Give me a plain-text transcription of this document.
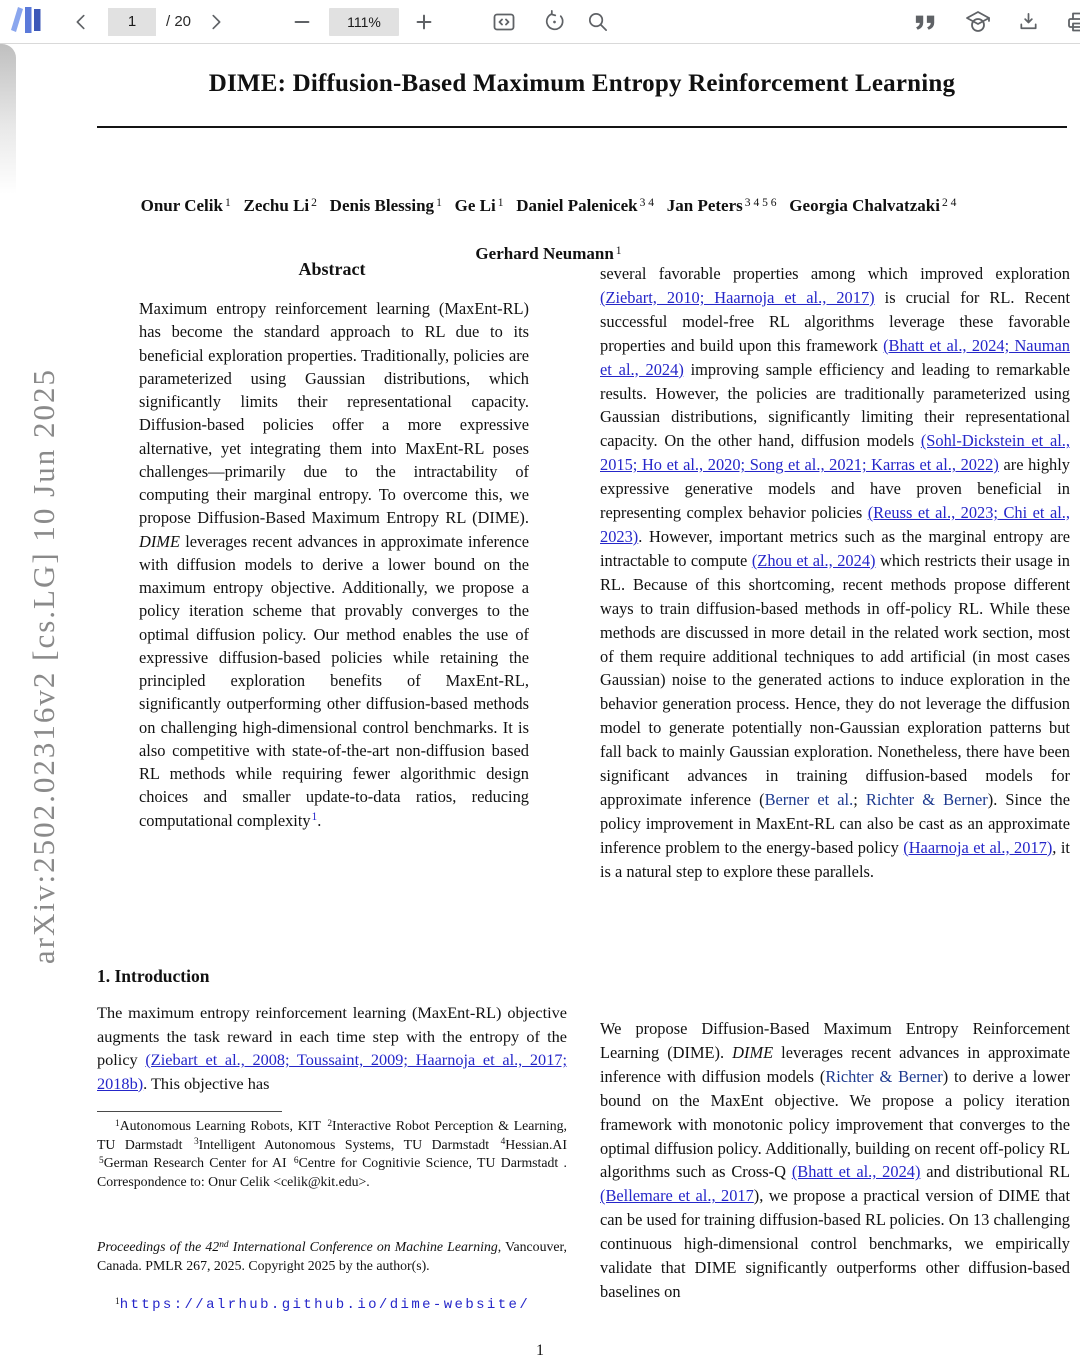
1
/ 20	111%
arXiv:2502.02316v2 [cs.LG] 10 Jun 2025
DIME: Diffusion-Based Maximum Entropy Reinforcement Learning

Onur Celik $^1$ Zechu Li $^2$ Denis Blessing $^1$ Ge Li $^1$ Daniel Palenicek $^{3 4}$ Jan Peters $^{3 4 5 6}$ Georgia Chalvatzaki $^{2 4}$

Gerhard Neumann $^1$

Abstract

Maximum entropy reinforcement learning (MaxEnt-RL) has become the standard approach to RL due to its beneficial exploration properties. Traditionally, policies are parameterized using Gaussian distributions, which significantly limits their representational capacity. Diffusion-based policies offer a more expressive alternative, yet integrating them into MaxEnt-RL poses challenges—primarily due to the intractability of computing their marginal entropy. To overcome this, we propose Diffusion-Based Maximum Entropy RL (DIME). DIME leverages recent advances in approximate inference with diffusion models to derive a lower bound on the maximum entropy objective. Additionally, we propose a policy iteration scheme that provably converges to the optimal diffusion policy. Our method enables the use of expressive diffusion-based policies while retaining the principled exploration benefits of MaxEnt-RL, significantly outperforming other diffusion-based methods on challenging high-dimensional control benchmarks. It is also competitive with state-of-the-art non-diffusion based RL methods while requiring fewer algorithmic design choices and smaller update-to-data ratios, reducing computational complexity$^1$.

1. Introduction

The maximum entropy reinforcement learning (MaxEnt-RL) objective augments the task reward in each time step with the entropy of the policy (Ziebart et al., 2008; Toussaint, 2009; Haarnoja et al., 2017; 2018b). This objective has

$^1$Autonomous Learning Robots, KIT $^2$Interactive Robot Perception & Learning, TU Darmstadt $^3$Intelligent Autonomous Systems, TU Darmstadt $^4$Hessian.AI $^5$German Research Center for AI $^6$Centre for Cognitivie Science, TU Darmstadt . Correspondence to: Onur Celik <celik@kit.edu>.

Proceedings of the 42nd International Conference on Machine Learning, Vancouver, Canada. PMLR 267, 2025. Copyright 2025 by the author(s).

$^1$https://alrhub.github.io/dime-website/

several favorable properties among which improved exploration (Ziebart, 2010; Haarnoja et al., 2017) is crucial for RL. Recent successful model-free RL algorithms leverage these favorable properties and build upon this framework (Bhatt et al., 2024; Nauman et al., 2024) improving sample efficiency and leading to remarkable results. However, the policies are traditionally parameterized using Gaussian distributions, significantly limiting their representational capacity. On the other hand, diffusion models (Sohl-Dickstein et al., 2015; Ho et al., 2020; Song et al., 2021; Karras et al., 2022) are highly expressive generative models and have proven beneficial in representing complex behavior policies (Reuss et al., 2023; Chi et al., 2023). However, important metrics such as the marginal entropy are intractable to compute (Zhou et al., 2024) which restricts their usage in RL. Because of this shortcoming, recent methods propose different ways to train diffusion-based methods in off-policy RL. While these methods are discussed in more detail in the related work section, most of them require additional techniques to add artificial (in most cases Gaussian) noise to the generated actions to induce exploration in the behavior generation process. Hence, they do not leverage the diffusion model to generate potentially non-Gaussian exploration patterns but fall back to mainly Gaussian exploration. Nonetheless, there have been significant advances in training diffusion-based models for approximate inference (Berner et al.; Richter & Berner). Since the policy improvement in MaxEnt-RL can also be cast as an approximate inference problem to the energy-based policy (Haarnoja et al., 2017), it is a natural step to explore these parallels.

We propose Diffusion-Based Maximum Entropy Reinforcement Learning (DIME). DIME leverages recent advances in approximate inference with diffusion models (Richter & Berner) to derive a lower bound on the MaxEnt objective. We propose a policy iteration framework with monotonic policy improvement that converges to the optimal diffusion policy. Additionally, building on recent off-policy RL algorithms such as Cross-Q (Bhatt et al., 2024) and distributional RL (Bellemare et al., 2017), we propose a practical version of DIME that can be used for training diffusion-based RL policies. On 13 challenging continuous high-dimensional control benchmarks, we empirically validate that DIME significantly outperforms other diffusion-based baselines on

1
